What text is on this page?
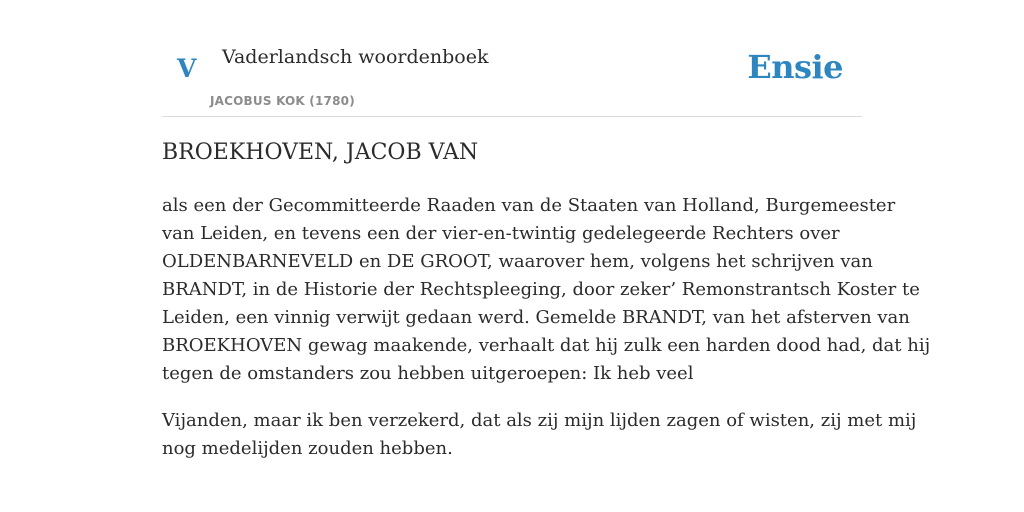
V Vaderlandsch woordenboek
JACOBUS KOK (1780)
Ensie
BROEKHOVEN, JACOB VAN

als een der Gecommitteerde Raaden van de Staaten van Holland, Burgemeester
van Leiden, en tevens een der vier-en-twintig gedelegeerde Rechters over
OLDENBARNEVELD en DE GROOT, waarover hem, volgens het schrijven van
BRANDT, in de Historie der Rechtspleeging, door zeker’ Remonstrantsch Koster te
Leiden, een vinnig verwijt gedaan werd. Gemelde BRANDT, van het afsterven van
BROEKHOVEN gewag maakende, verhaalt dat hij zulk een harden dood had, dat hij
tegen de omstanders zou hebben uitgeroepen: Ik heb veel

Vijanden, maar ik ben verzekerd, dat als zij mijn lijden zagen of wisten, zij met mij
nog medelijden zouden hebben.
